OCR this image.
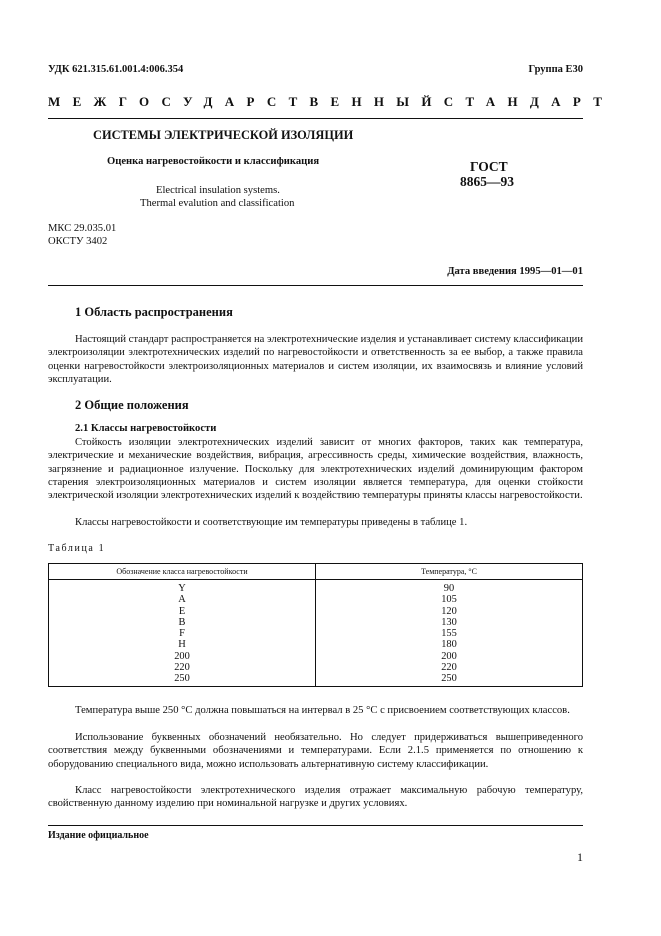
УДК 621.315.61.001.4:006.354	Группа Е30
МЕЖГОСУДАРСТВЕННЫЙ СТАНДАРТ
СИСТЕМЫ ЭЛЕКТРИЧЕСКОЙ ИЗОЛЯЦИИ
Оценка нагревостойкости и классификация
Electrical insulation systems.
Thermal evalution and classification
ГОСТ
8865—93
МКС 29.035.01
ОКСТУ 3402
Дата введения 1995—01—01
1 Область распространения
Настоящий стандарт распространяется на электротехнические изделия и устанавливает систему классификации электроизоляции электротехнических изделий по нагревостойкости и ответственность за ее выбор, а также правила оценки нагревостойкости электроизоляционных материалов и систем изоляции, их взаимосвязь и влияние условий эксплуатации.
2 Общие положения
2.1 Классы нагревостойкости
Стойкость изоляции электротехнических изделий зависит от многих факторов, таких как температура, электрические и механические воздействия, вибрация, агрессивность среды, химические воздействия, влажность, загрязнение и радиационное излучение. Поскольку для электротехнических изделий доминирующим фактором старения электроизоляционных материалов и систем изоляции является температура, для оценки стойкости электрической изоляции электротехнических изделий к воздействию температуры приняты классы нагревостойкости.
Классы нагревостойкости и соответствующие им температуры приведены в таблице 1.
Таблица 1
Обозначение класса нагревостойкости	Температура, °С
Y	90
A	105
E	120
B	130
F	155
H	180
200	200
220	220
250	250
Температура выше 250 °С должна повышаться на интервал в 25 °С с присвоением соответствующих классов.
Использование буквенных обозначений необязательно. Но следует придерживаться вышеприведенного соответствия между буквенными обозначениями и температурами. Если 2.1.5 применяется по отношению к оборудованию специального вида, можно использовать альтернативную систему классификации.
Класс нагревостойкости электротехнического изделия отражает максимальную рабочую температуру, свойственную данному изделию при номинальной нагрузке и других условиях.
Издание официальное
1
